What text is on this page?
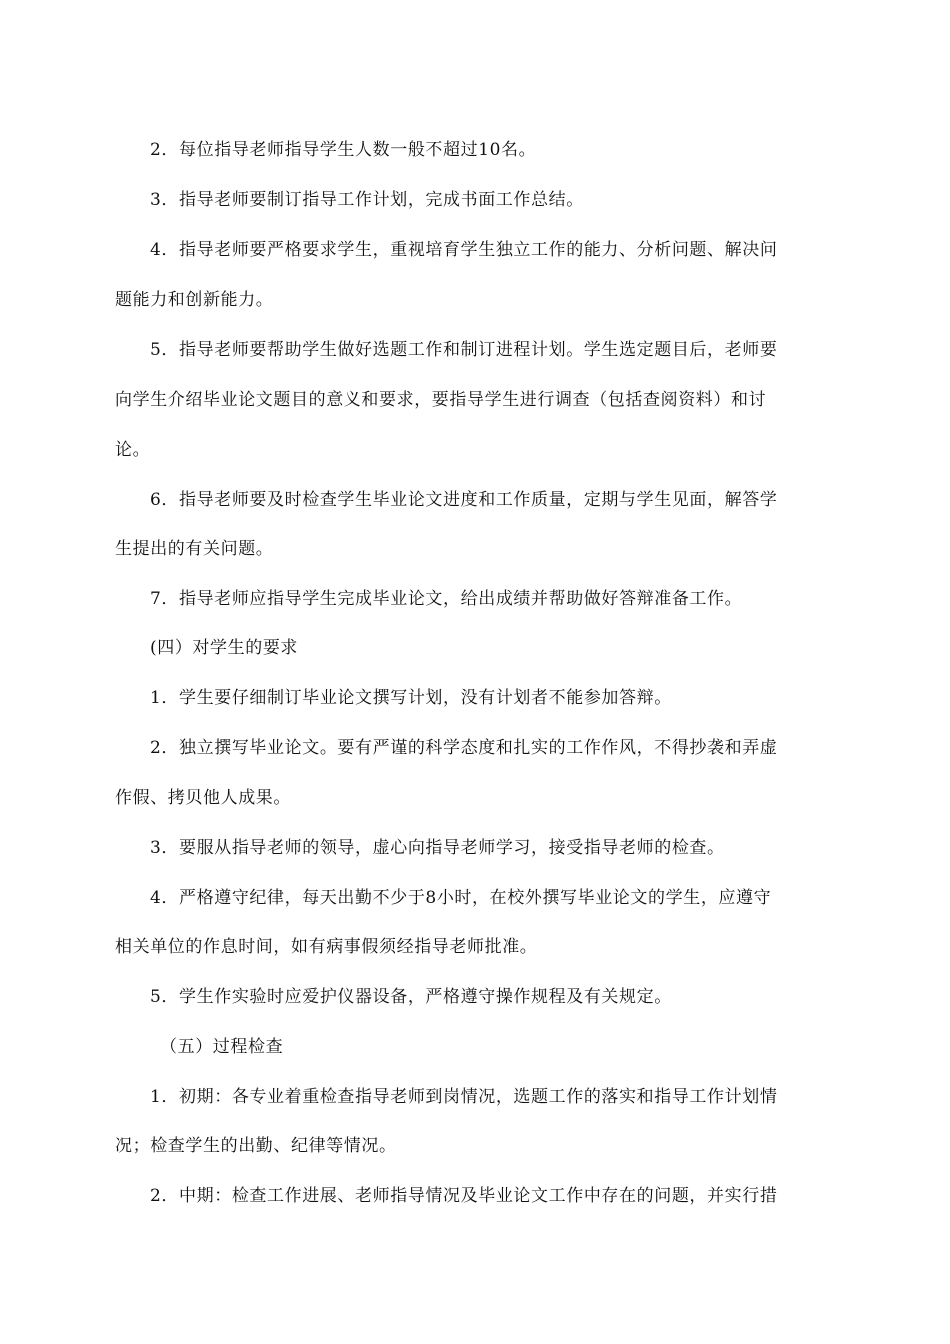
2．每位指导老师指导学生人数一般不超过10名。
3．指导老师要制订指导工作计划，完成书面工作总结。
4．指导老师要严格要求学生，重视培育学生独立工作的能力、分析问题、解决问
题能力和创新能力。
5．指导老师要帮助学生做好选题工作和制订进程计划。学生选定题目后，老师要
向学生介绍毕业论文题目的意义和要求，要指导学生进行调查（包括查阅资料）和讨
论。
6．指导老师要及时检查学生毕业论文进度和工作质量，定期与学生见面，解答学
生提出的有关问题。
7．指导老师应指导学生完成毕业论文，给出成绩并帮助做好答辩准备工作。
(四）对学生的要求
1．学生要仔细制订毕业论文撰写计划，没有计划者不能参加答辩。
2．独立撰写毕业论文。要有严谨的科学态度和扎实的工作作风，不得抄袭和弄虚
作假、拷贝他人成果。
3．要服从指导老师的领导，虚心向指导老师学习，接受指导老师的检查。
4．严格遵守纪律，每天出勤不少于8小时，在校外撰写毕业论文的学生，应遵守
相关单位的作息时间，如有病事假须经指导老师批准。
5．学生作实验时应爱护仪器设备，严格遵守操作规程及有关规定。
（五）过程检查
1．初期：各专业着重检查指导老师到岗情况，选题工作的落实和指导工作计划情
况；检查学生的出勤、纪律等情况。
2．中期：检查工作进展、老师指导情况及毕业论文工作中存在的问题，并实行措
